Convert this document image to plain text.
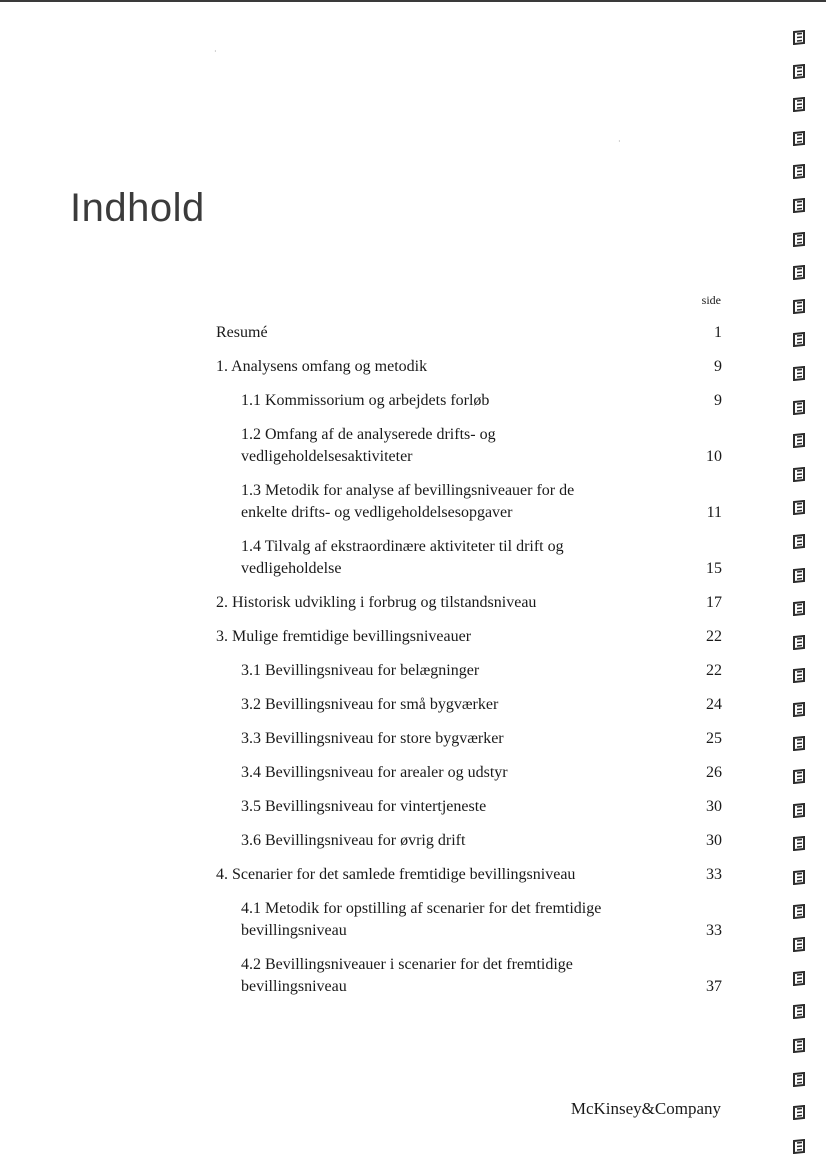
·
·
Indhold
side
Resumé	1
1. Analysens omfang og metodik	9
1.1 Kommissorium og arbejdets forløb	9
1.2 Omfang af de analyserede drifts- og vedligeholdelsesaktiviteter	10
1.3 Metodik for analyse af bevillingsniveauer for de enkelte drifts- og vedligeholdelsesopgaver	11
1.4 Tilvalg af ekstraordinære aktiviteter til drift og vedligeholdelse	15
2. Historisk udvikling i forbrug og tilstandsniveau	17
3. Mulige fremtidige bevillingsniveauer	22
3.1 Bevillingsniveau for belægninger	22
3.2 Bevillingsniveau for små bygværker	24
3.3 Bevillingsniveau for store bygværker	25
3.4 Bevillingsniveau for arealer og udstyr	26
3.5 Bevillingsniveau for vintertjeneste	30
3.6 Bevillingsniveau for øvrig drift	30
4. Scenarier for det samlede fremtidige bevillingsniveau	33
4.1 Metodik for opstilling af scenarier for det fremtidige bevillingsniveau	33
4.2 Bevillingsniveauer i scenarier for det fremtidige bevillingsniveau	37
McKinsey&Company
